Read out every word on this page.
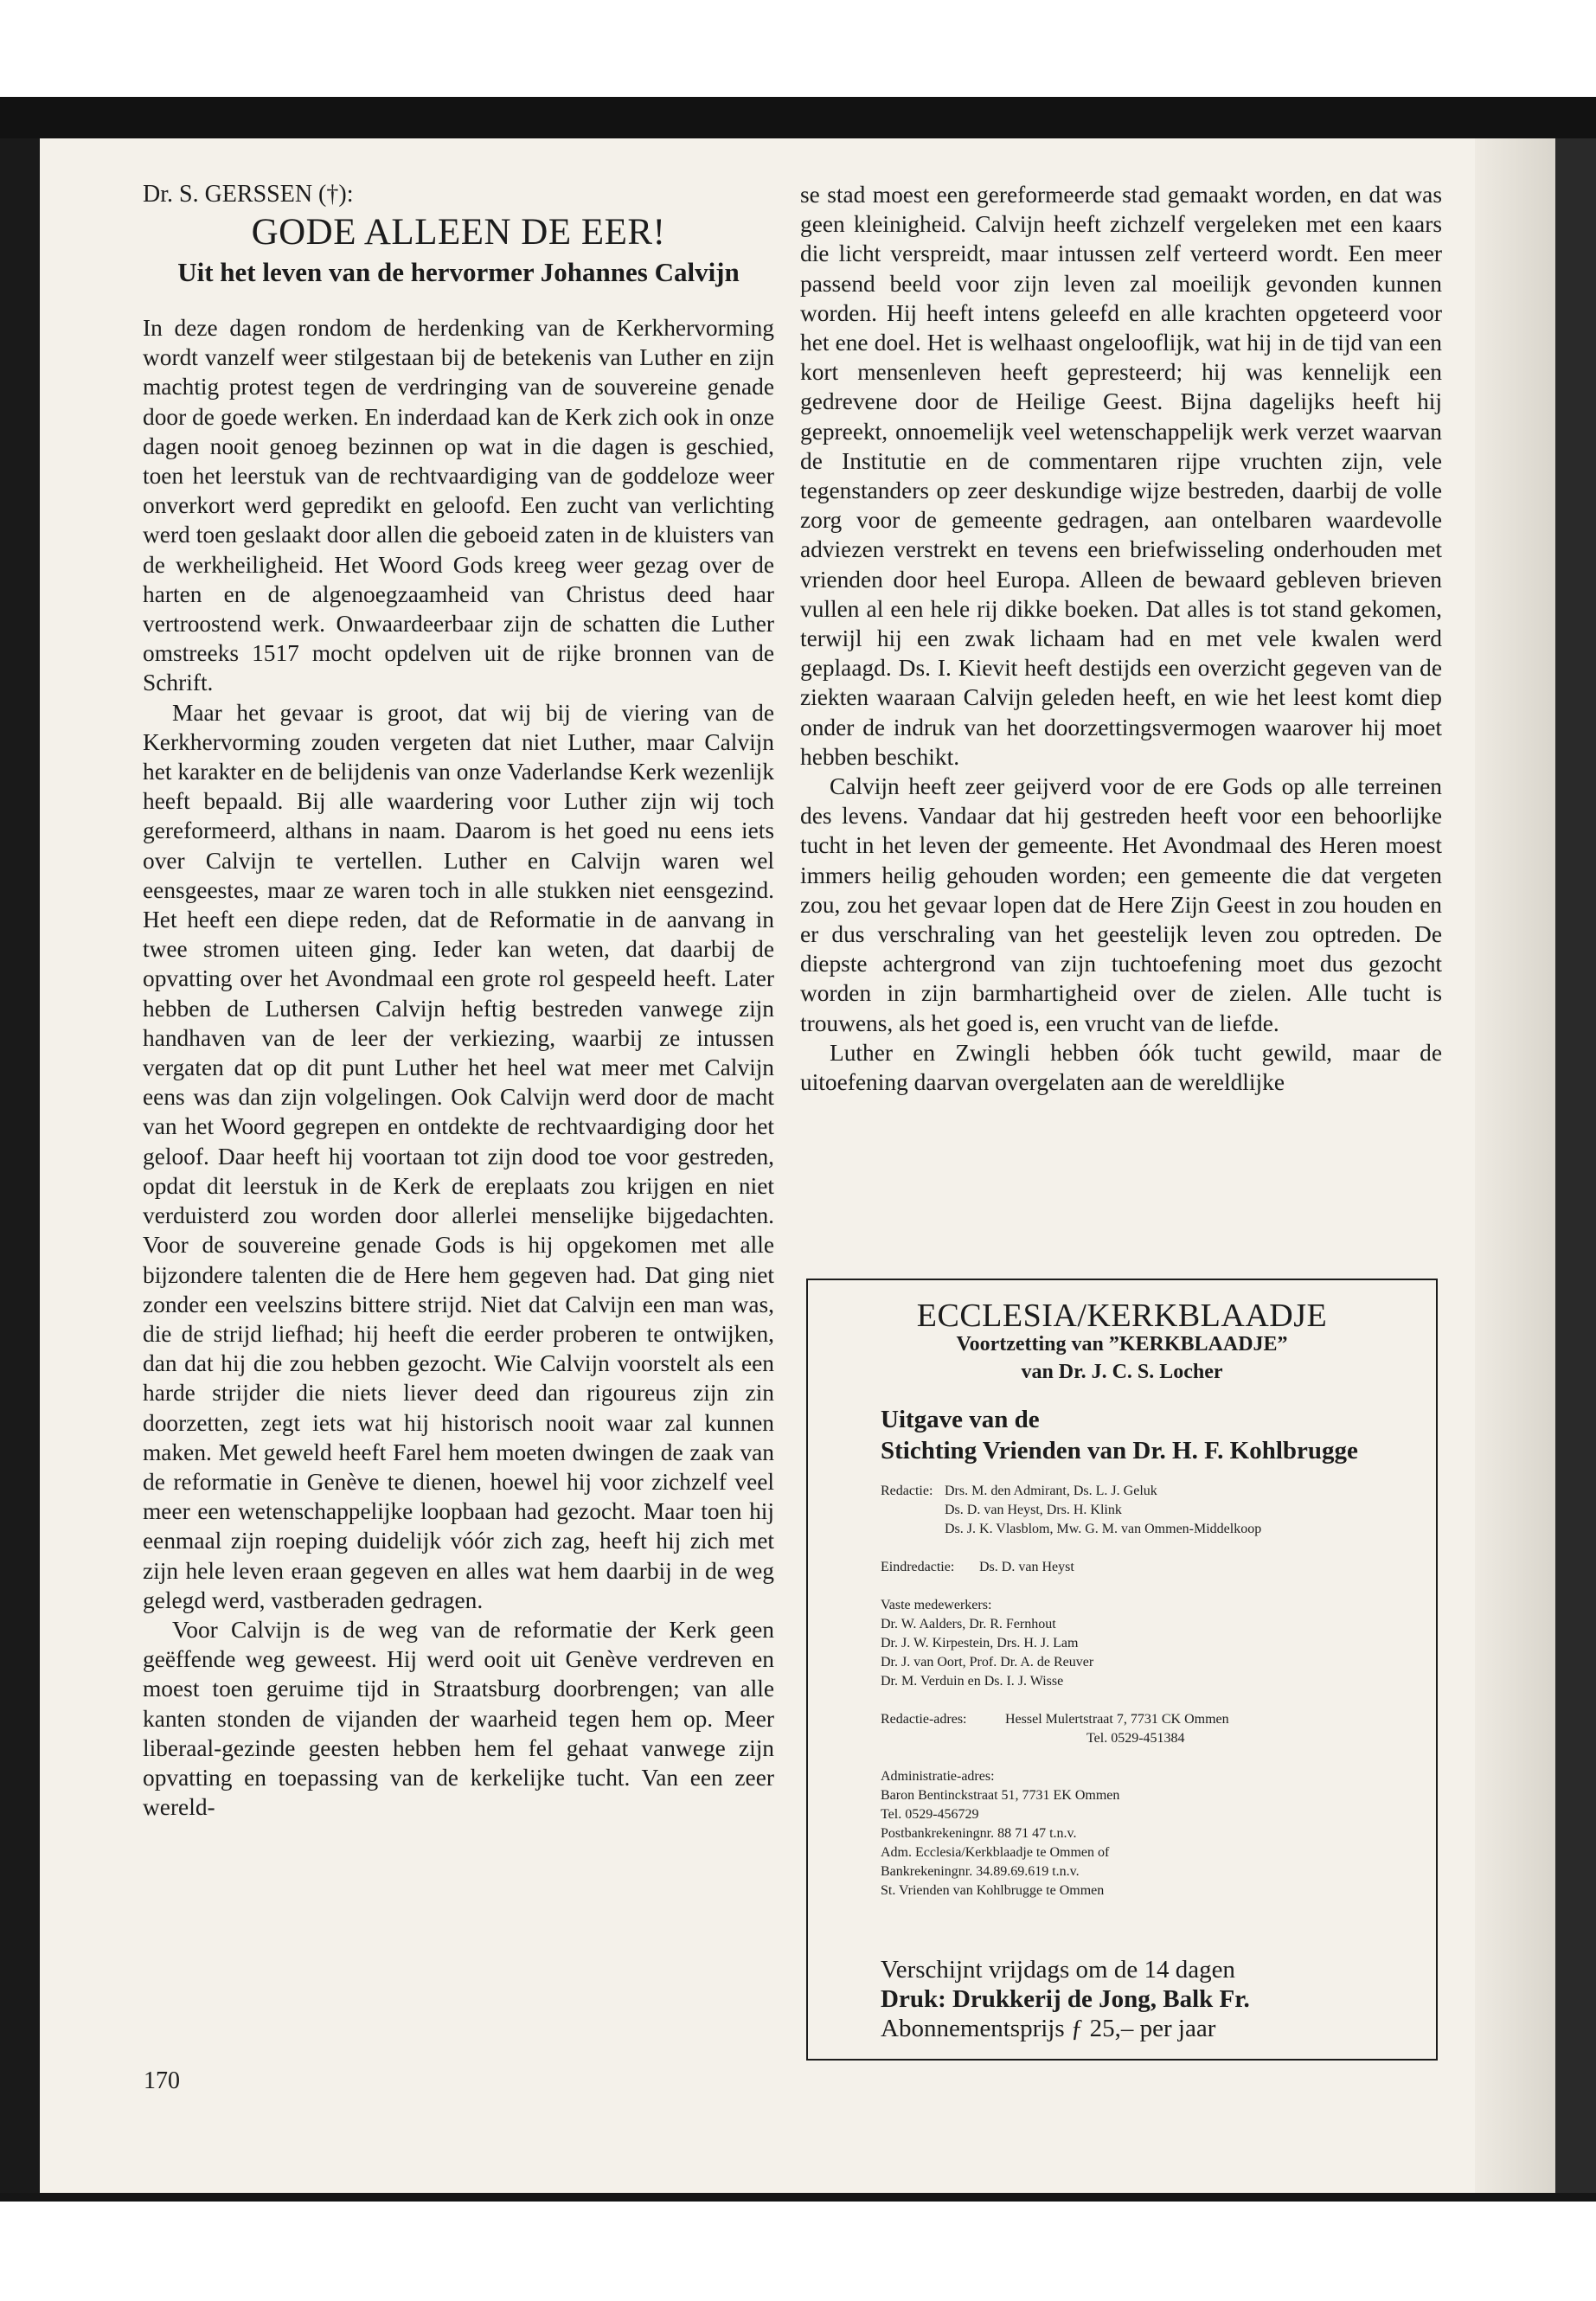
Dr. S. GERSSEN (†):

GODE ALLEEN DE EER!
Uit het leven van de hervormer Johannes Calvijn

In deze dagen rondom de herdenking van de Kerkhervorming wordt vanzelf weer stilgestaan bij de betekenis van Luther en zijn machtig protest tegen de verdringing van de souvereine genade door de goede werken. En inderdaad kan de Kerk zich ook in onze dagen nooit genoeg bezinnen op wat in die dagen is geschied, toen het leerstuk van de rechtvaardiging van de goddeloze weer onverkort werd gepredikt en geloofd. Een zucht van verlichting werd toen geslaakt door allen die geboeid zaten in de kluisters van de werkheiligheid. Het Woord Gods kreeg weer gezag over de harten en de algenoegzaamheid van Christus deed haar vertroostend werk. Onwaardeerbaar zijn de schatten die Luther omstreeks 1517 mocht opdelven uit de rijke bronnen van de Schrift.

Maar het gevaar is groot, dat wij bij de viering van de Kerkhervorming zouden vergeten dat niet Luther, maar Calvijn het karakter en de belijdenis van onze Vaderlandse Kerk wezenlijk heeft bepaald. Bij alle waardering voor Luther zijn wij toch gereformeerd, althans in naam. Daarom is het goed nu eens iets over Calvijn te vertellen. Luther en Calvijn waren wel eensgeestes, maar ze waren toch in alle stukken niet eensgezind. Het heeft een diepe reden, dat de Reformatie in de aanvang in twee stromen uiteen ging. Ieder kan weten, dat daarbij de opvatting over het Avondmaal een grote rol gespeeld heeft. Later hebben de Luthersen Calvijn heftig bestreden vanwege zijn handhaven van de leer der verkiezing, waarbij ze intussen vergaten dat op dit punt Luther het heel wat meer met Calvijn eens was dan zijn volgelingen. Ook Calvijn werd door de macht van het Woord gegrepen en ontdekte de rechtvaardiging door het geloof. Daar heeft hij voortaan tot zijn dood toe voor gestreden, opdat dit leerstuk in de Kerk de ereplaats zou krijgen en niet verduisterd zou worden door allerlei menselijke bijgedachten. Voor de souvereine genade Gods is hij opgekomen met alle bijzondere talenten die de Here hem gegeven had. Dat ging niet zonder een veelszins bittere strijd. Niet dat Calvijn een man was, die de strijd liefhad; hij heeft die eerder proberen te ontwijken, dan dat hij die zou hebben gezocht. Wie Calvijn voorstelt als een harde strijder die niets liever deed dan rigoureus zijn zin doorzetten, zegt iets wat hij historisch nooit waar zal kunnen maken. Met geweld heeft Farel hem moeten dwingen de zaak van de reformatie in Genève te dienen, hoewel hij voor zichzelf veel meer een wetenschappelijke loopbaan had gezocht. Maar toen hij eenmaal zijn roeping duidelijk vóór zich zag, heeft hij zich met zijn hele leven eraan gegeven en alles wat hem daarbij in de weg gelegd werd, vastberaden gedragen.

Voor Calvijn is de weg van de reformatie der Kerk geen geëffende weg geweest. Hij werd ooit uit Genève verdreven en moest toen geruime tijd in Straatsburg doorbrengen; van alle kanten stonden de vijanden der waarheid tegen hem op. Meer liberaal-gezinde geesten hebben hem fel gehaat vanwege zijn opvatting en toepassing van de kerkelijke tucht. Van een zeer wereld-

se stad moest een gereformeerde stad gemaakt worden, en dat was geen kleinigheid. Calvijn heeft zichzelf vergeleken met een kaars die licht verspreidt, maar intussen zelf verteerd wordt. Een meer passend beeld voor zijn leven zal moeilijk gevonden kunnen worden. Hij heeft intens geleefd en alle krachten opgeteerd voor het ene doel. Het is welhaast ongelooflijk, wat hij in de tijd van een kort mensenleven heeft gepresteerd; hij was kennelijk een gedrevene door de Heilige Geest. Bijna dagelijks heeft hij gepreekt, onnoemelijk veel wetenschappelijk werk verzet waarvan de Institutie en de commentaren rijpe vruchten zijn, vele tegenstanders op zeer deskundige wijze bestreden, daarbij de volle zorg voor de gemeente gedragen, aan ontelbaren waardevolle adviezen verstrekt en tevens een briefwisseling onderhouden met vrienden door heel Europa. Alleen de bewaard gebleven brieven vullen al een hele rij dikke boeken. Dat alles is tot stand gekomen, terwijl hij een zwak lichaam had en met vele kwalen werd geplaagd. Ds. I. Kievit heeft destijds een overzicht gegeven van de ziekten waaraan Calvijn geleden heeft, en wie het leest komt diep onder de indruk van het doorzettingsvermogen waarover hij moet hebben beschikt.

Calvijn heeft zeer geijverd voor de ere Gods op alle terreinen des levens. Vandaar dat hij gestreden heeft voor een behoorlijke tucht in het leven der gemeente. Het Avondmaal des Heren moest immers heilig gehouden worden; een gemeente die dat vergeten zou, zou het gevaar lopen dat de Here Zijn Geest in zou houden en er dus verschraling van het geestelijk leven zou optreden. De diepste achtergrond van zijn tuchtoefening moet dus gezocht worden in zijn barmhartigheid over de zielen. Alle tucht is trouwens, als het goed is, een vrucht van de liefde.

Luther en Zwingli hebben óók tucht gewild, maar de uitoefening daarvan overgelaten aan de wereldlijke

170
ECCLESIA/KERKBLAADJE
Voortzetting van ”KERKBLAADJE”
van Dr. J. C. S. Locher
Uitgave van de
Stichting Vrienden van Dr. H. F. Kohlbrugge
Redactie: Drs. M. den Admirant, Ds. L. J. Geluk
Ds. D. van Heyst, Drs. H. Klink
Ds. J. K. Vlasblom, Mw. G. M. van Ommen-Middelkoop
Eindredactie: Ds. D. van Heyst
Vaste medewerkers:
Dr. W. Aalders, Dr. R. Fernhout
Dr. J. W. Kirpestein, Drs. H. J. Lam
Dr. J. van Oort, Prof. Dr. A. de Reuver
Dr. M. Verduin en Ds. I. J. Wisse
Redactie-adres:	Hessel Mulertstraat 7, 7731 CK Ommen
Tel. 0529-451384
Administratie-adres:
Baron Bentinckstraat 51, 7731 EK Ommen
Tel. 0529-456729
Postbankrekeningnr. 88 71 47 t.n.v.
Adm. Ecclesia/Kerkblaadje te Ommen of
Bankrekeningnr. 34.89.69.619 t.n.v.
St. Vrienden van Kohlbrugge te Ommen
Verschijnt vrijdags om de 14 dagen
Druk: Drukkerij de Jong, Balk Fr.
Abonnementsprijs ƒ 25,– per jaar
